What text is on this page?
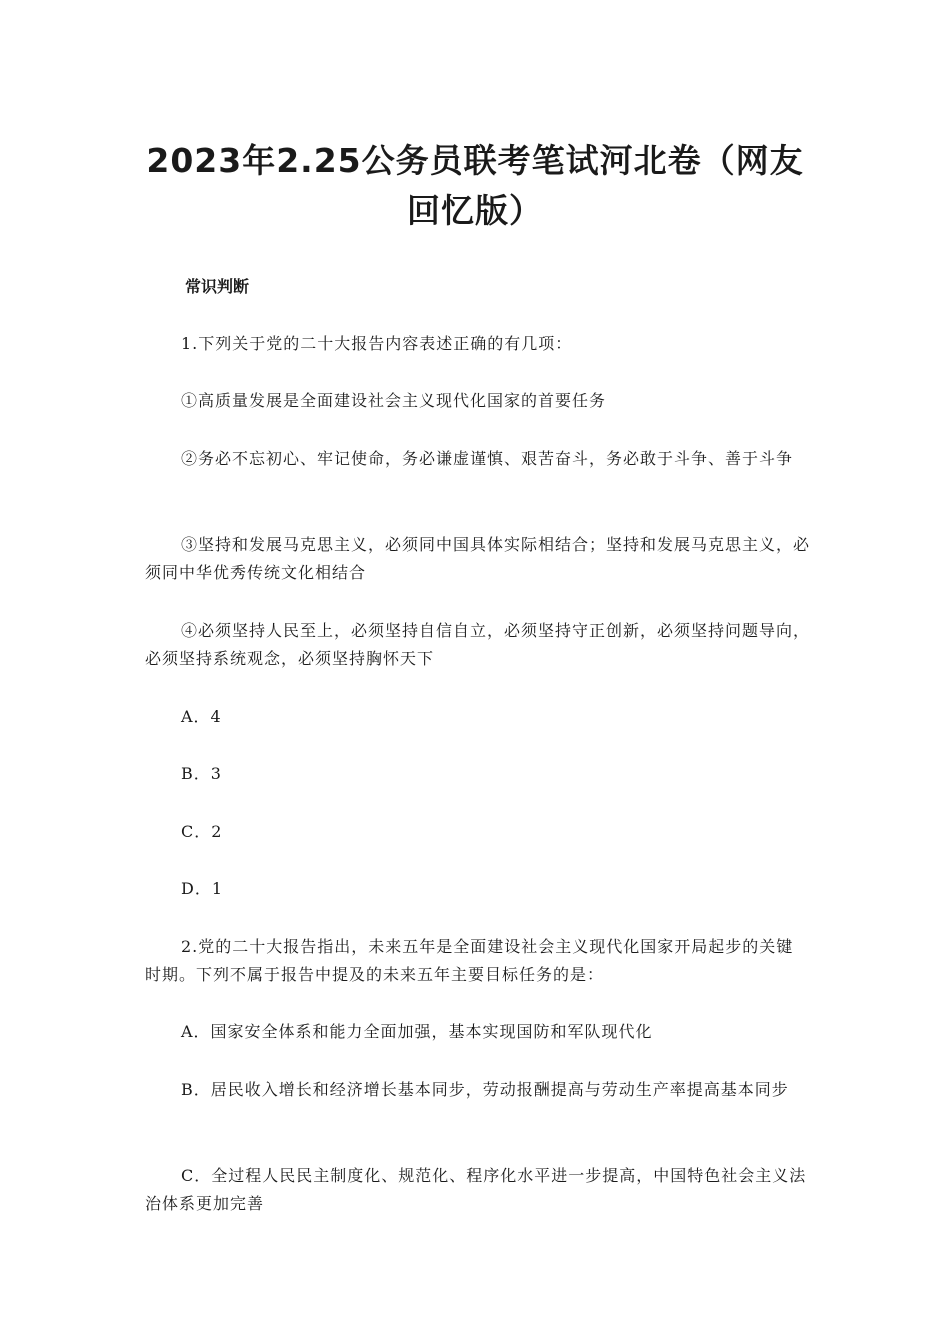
2023年2.25公务员联考笔试河北卷（网友回忆版）

常识判断

1.下列关于党的二十大报告内容表述正确的有几项：

①高质量发展是全面建设社会主义现代化国家的首要任务

②务必不忘初心、牢记使命，务必谦虚谨慎、艰苦奋斗，务必敢于斗争、善于斗争

③坚持和发展马克思主义，必须同中国具体实际相结合；坚持和发展马克思主义，必须同中华优秀传统文化相结合

④必须坚持人民至上，必须坚持自信自立，必须坚持守正创新，必须坚持问题导向，必须坚持系统观念，必须坚持胸怀天下

A．4

B．3

C．2

D．1

2.党的二十大报告指出，未来五年是全面建设社会主义现代化国家开局起步的关键时期。下列不属于报告中提及的未来五年主要目标任务的是：

A．国家安全体系和能力全面加强，基本实现国防和军队现代化

B．居民收入增长和经济增长基本同步，劳动报酬提高与劳动生产率提高基本同步

C．全过程人民民主制度化、规范化、程序化水平进一步提高，中国特色社会主义法治体系更加完善
